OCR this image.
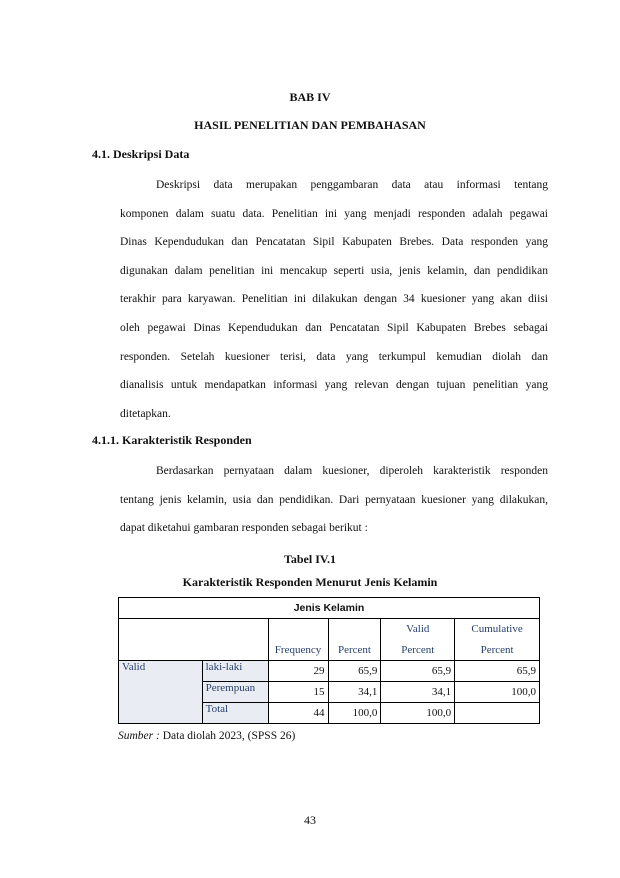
BAB IV
HASIL PENELITIAN DAN PEMBAHASAN
4.1. Deskripsi Data
Deskripsi data merupakan penggambaran data atau informasi tentang
komponen dalam suatu data. Penelitian ini yang menjadi responden adalah pegawai
Dinas Kependudukan dan Pencatatan Sipil Kabupaten Brebes. Data responden yang
digunakan dalam penelitian ini mencakup seperti usia, jenis kelamin, dan pendidikan
terakhir para karyawan. Penelitian ini dilakukan dengan 34 kuesioner yang akan diisi
oleh pegawai Dinas Kependudukan dan Pencatatan Sipil Kabupaten Brebes sebagai
responden. Setelah kuesioner terisi, data yang terkumpul kemudian diolah dan
dianalisis untuk mendapatkan informasi yang relevan dengan tujuan penelitian yang
ditetapkan.
4.1.1. Karakteristik Responden
Berdasarkan pernyataan dalam kuesioner, diperoleh karakteristik responden
tentang jenis kelamin, usia dan pendidikan. Dari pernyataan kuesioner yang dilakukan,
dapat diketahui gambaran responden sebagai berikut :
Tabel IV.1
Karakteristik Responden Menurut Jenis Kelamin
Jenis Kelamin					
				Valid	Cumulative
		Frequency	Percent	Percent	Percent
Valid	laki-laki	29	65,9	65,9	65,9
	Perempuan	15	34,1	34,1	100,0
	Total	44	100,0	100,0	
Sumber : Data diolah 2023, (SPSS 26)
43
